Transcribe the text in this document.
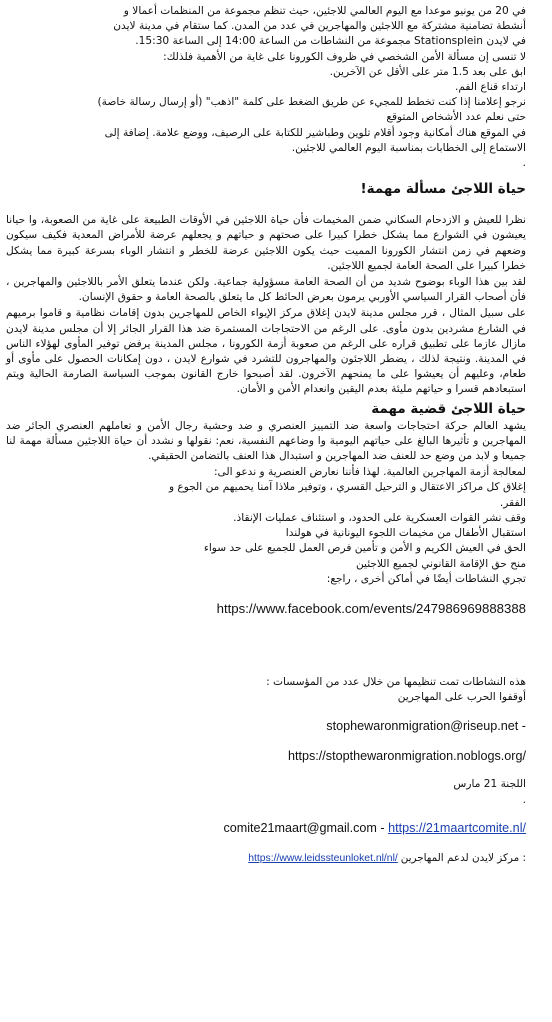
في 20 من يونيو موعدا مع اليوم العالمي للاجئين، حيث تنظم مجموعة من المنظمات أعمالا و

أنشطة تضامنية مشتركة مع اللاجئين والمهاجرين في عدد من المدن. كما ستقام في مدينة لايدن

في لايدن Stationsplein مجموعة من النشاطات من الساعة 14:00 إلى الساعة 15:30.

لا تنسى إن مسألة الأمن الشخصي في ظروف الكورونا على غاية من الأهمية فلذلك:

ابق على بعد 1.5 متر على الأقل عن الآخرين.

ارتداء قناع الفم.

نرجو إعلامنا إذا كنت تخطط للمجيء عن طريق الضغط على كلمة "اذهب" (أو إرسال رسالة خاصة)

حتى نعلم عدد الأشخاص المتوقع

في الموقع هناك أمكانية وجود أقلام تلوين وطباشير للكتابة على الرصيف، ووضع علامة. إضافة إلى

الاستماع إلى الخطابات بمناسبة اليوم العالمي للاجئين.

.

حياة اللاجئ مسألة مهمة!

نظرا للعيش و الازدحام السكاني ضمن المخيمات فأن حياة اللاجئين في الأوقات الطبيعة على غاية من الصعوبة، وا حيانا يعيشون في الشوارع مما يشكل خطرا كبيرا على صحتهم و حياتهم و يجعلهم عرضة للأمراض المعدية فكيف سيكون وضعهم في زمن انتشار الكورونا المميت حيث يكون اللاجئين عرضة للخطر و انتشار الوباء بسرعة كبيرة مما يشكل خطرا كبيرا على الصحة العامة لجميع اللاجئين.

لقد بين هذا الوباء بوضوح شديد من أن الصحة العامة مسؤولية جماعية. ولكن عندما يتعلق الأمر باللاجئين والمهاجرين ، فأن أصحاب القرار السياسي الأوربي يرمون بعرض الحائط كل ما يتعلق بالصحة العامة و حقوق الإنسان.

على سبيل المثال ، قرر مجلس مدينة لايدن إغلاق مركز الإيواء الخاص للمهاجرين بدون إقامات نظامية و قاموا برميهم في الشارع مشردين بدون مأوى. على الرغم من الاحتجاجات المستمرة ضد هذا القرار الجائر إلا أن مجلس مدينة لايدن مازال عازما على تطبيق قراره على الرغم من صعوبة أزمة الكورونا ، مجلس المدينة يرفض توفير المأوى لهؤلاء الناس في المدينة. ونتيجة لذلك ، يضطر اللاجئون والمهاجرون للتشرد في شوارع لايدن ، دون إمكانات الحصول على مأوى أو طعام، وعليهم أن يعيشوا على ما يمنحهم الآخرون. لقد أصبحوا خارج القانون بموجب السياسة الصارمة الحالية ويتم استبعادهم قسرا و حياتهم مليئة بعدم اليقين وانعدام الأمن و الأمان.

حياة اللاجئ قضية مهمة

يشهد العالم حركة احتجاجات واسعة ضد التمييز العنصري و ضد وحشية رجال الأمن و تعاملهم العنصري الجائر ضد المهاجرين و تأثيرها البالغ على حياتهم اليومية وا وضاعهم النفسية، نعم: نقولها و نشدد أن حياة اللاجئين مسألة مهمة لنا جميعا و لابد من وضع حد للعنف ضد المهاجرين و استبدال هذا العنف بالتضامن الحقيقي.

لمعالجة أزمة المهاجرين العالمية. لهذا فأننا نعارض العنصرية و ندعو الى:

إغلاق كل مراكز الاعتقال و الترحيل القسري ، وتوفير ملاذا آمنا يحميهم من الجوع و

الفقر.

وقف نشر القوات العسكرية على الحدود، و استئناف عمليات الإنقاذ.

استقبال الأطفال من مخيمات اللجوء اليونانية في هولندا

الحق في العيش الكريم و الأمن و تأمين فرص العمل للجميع على حد سواء

منح حق الإقامة القانوني لجميع اللاجئين

تجري النشاطات أيضًا في أماكن أخرى ، راجع:

https://www.facebook.com/events/247986969888388

هذه النشاطات تمت تنظيمها من خلال عدد من المؤسسات :

أوقفوا الحرب على المهاجرين

stophewaronmigration@riseup.net -

https://stopthewaronmigration.noblogs.org/

اللجنة 21 مارس

.

comite21maart@gmail.com - https://21maartcomite.nl/

https://www.leidssteunloket.nl/nl/ مركز لايدن لدعم المهاجرين :
